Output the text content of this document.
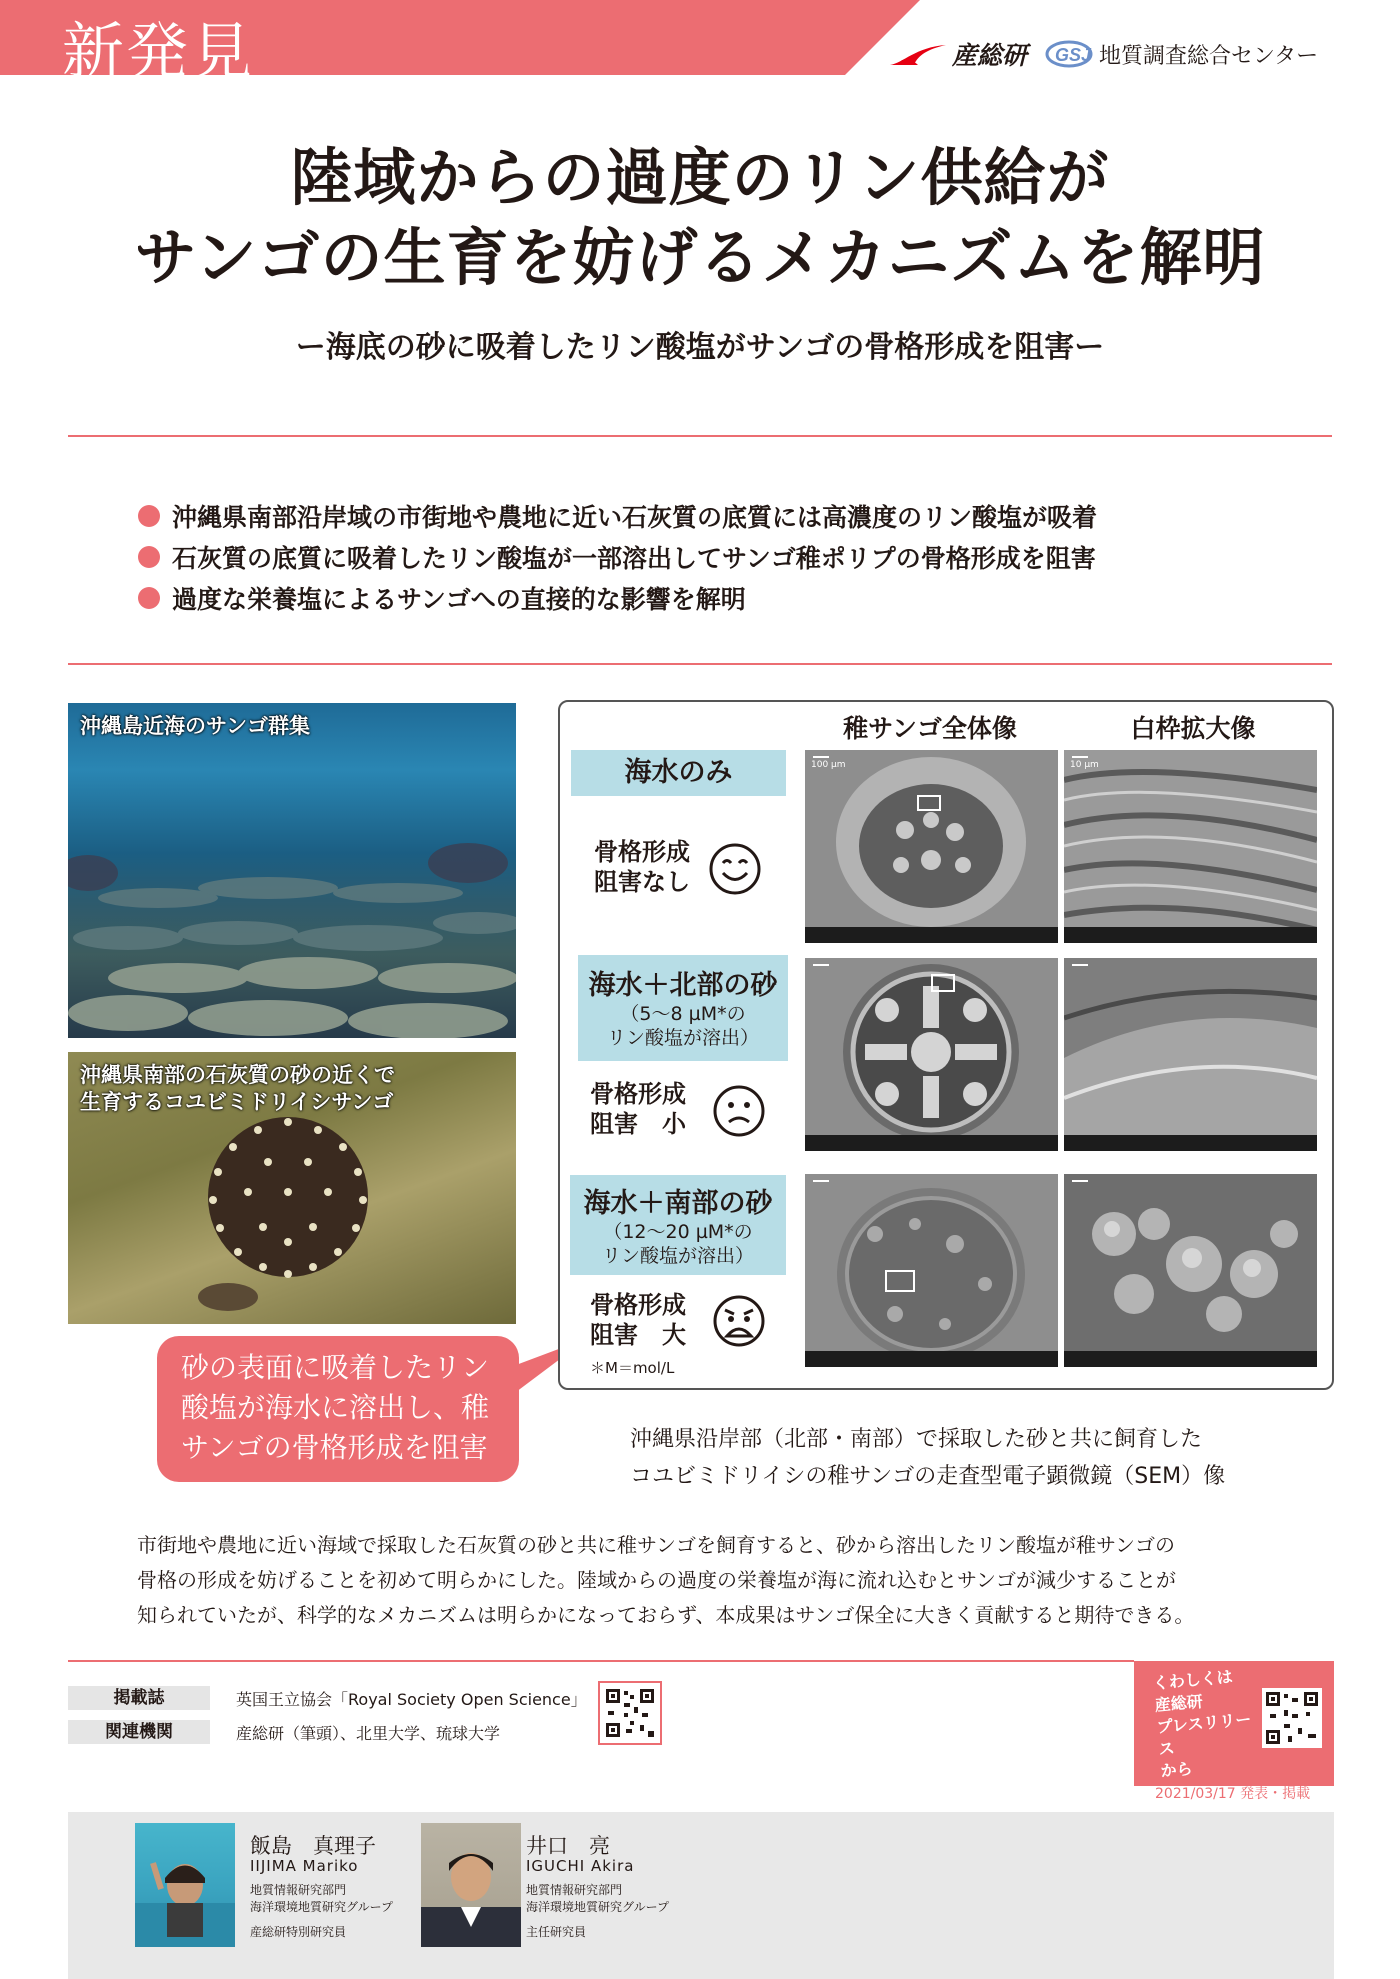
新発見	産総研 GSJ 地質調査総合センター
陸域からの過度のリン供給が
サンゴの生育を妨げるメカニズムを解明
ー海底の砂に吸着したリン酸塩がサンゴの骨格形成を阻害ー
沖縄県南部沿岸域の市街地や農地に近い石灰質の底質には高濃度のリン酸塩が吸着
石灰質の底質に吸着したリン酸塩が一部溶出してサンゴ稚ポリプの骨格形成を阻害
過度な栄養塩によるサンゴへの直接的な影響を解明
沖縄島近海のサンゴ群集
沖縄県南部の石灰質の砂の近くで
生育するコユビミドリイシサンゴ
砂の表面に吸着したリン酸塩が海水に溶出し、稚サンゴの骨格形成を阻害
稚サンゴ全体像	白枠拡大像
海水のみ
骨格形成
阻害なし
海水＋北部の砂
（5～8 µM*の
リン酸塩が溶出）
骨格形成
阻害　小
海水＋南部の砂
（12～20 µM*の
リン酸塩が溶出）
骨格形成
阻害　大
＊M＝mol/L
100 µm	10 µm
沖縄県沿岸部（北部・南部）で採取した砂と共に飼育した
コユビミドリイシの稚サンゴの走査型電子顕微鏡（SEM）像
市街地や農地に近い海域で採取した石灰質の砂と共に稚サンゴを飼育すると、砂から溶出したリン酸塩が稚サンゴの
骨格の形成を妨げることを初めて明らかにした。陸域からの過度の栄養塩が海に流れ込むとサンゴが減少することが
知られていたが、科学的なメカニズムは明らかになっておらず、本成果はサンゴ保全に大きく貢献すると期待できる。
掲載誌	英国王立協会「Royal Society Open Science」
関連機関	産総研（筆頭）、北里大学、琉球大学
くわしくは
産総研
プレスリリース
から
2021/03/17 発表・掲載
飯島　真理子
IIJIMA Mariko
地質情報研究部門
海洋環境地質研究グループ
産総研特別研究員
井口　亮
IGUCHI Akira
地質情報研究部門
海洋環境地質研究グループ
主任研究員
